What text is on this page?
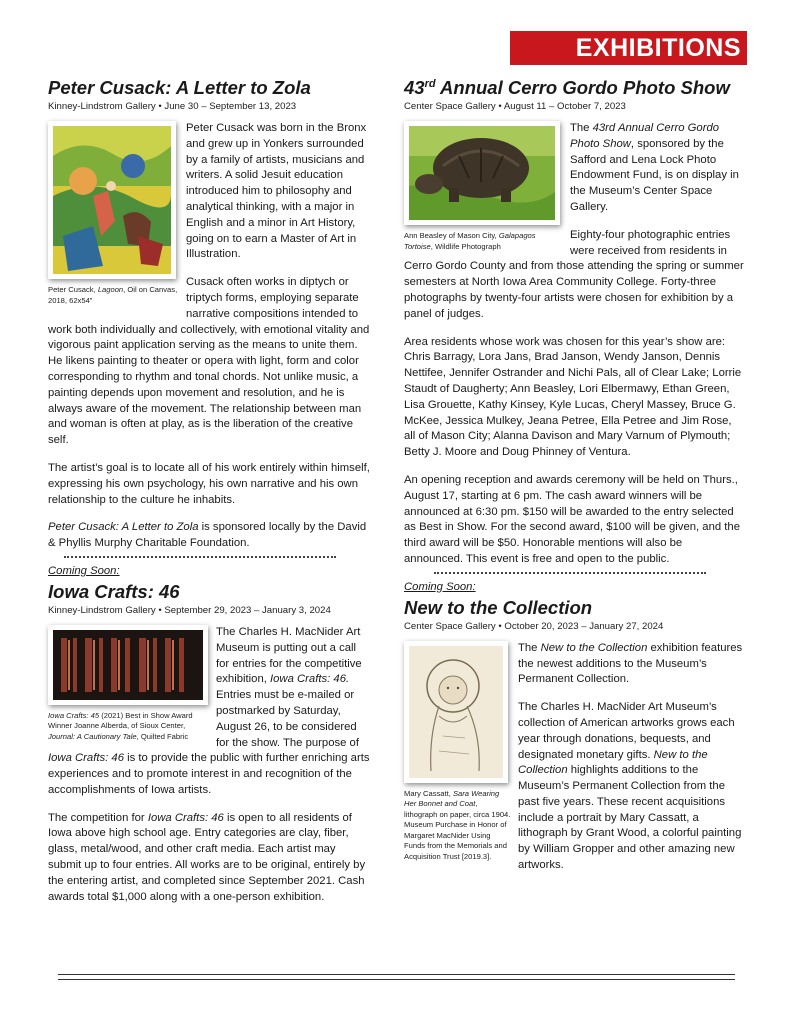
EXHIBITIONS
Peter Cusack: A Letter to Zola
Kinney-Lindstrom Gallery • June 30 – September 13, 2023
Peter Cusack, Lagoon, Oil on Canvas, 2018, 62x54”

Peter Cusack was born in the Bronx and grew up in Yonkers surrounded by a family of artists, musicians and writers. A solid Jesuit education introduced him to philosophy and analytical thinking, with a major in English and a minor in Art History, going on to earn a Master of Art in Illustration.

Cusack often works in diptych or triptych forms, employing separate narrative compositions intended to work both individually and collectively, with emotional vitality and vigorous paint application serving as the means to unite them. He likens painting to theater or opera with light, form and color corresponding to rhythm and tonal chords. Not unlike music, a painting depends upon movement and resolution, and he is always aware of the movement. The relationship between man and woman is often at play, as is the liberation of the creative self.

The artist’s goal is to locate all of his work entirely within himself, expressing his own psychology, his own narrative and his own relationship to the culture he inhabits.

Peter Cusack: A Letter to Zola is sponsored locally by the David & Phyllis Murphy Charitable Foundation.

Coming Soon:
Iowa Crafts: 46
Kinney-Lindstrom Gallery • September 29, 2023 – January 3, 2024
Iowa Crafts: 45 (2021) Best in Show Award Winner Joanne Alberda, of Sioux Center, Journal: A Cautionary Tale, Quilted Fabric

The Charles H. MacNider Art Museum is putting out a call for entries for the competitive exhibition, Iowa Crafts: 46. Entries must be e-mailed or postmarked by Saturday, August 26, to be considered for the show. The purpose of Iowa Crafts: 46 is to provide the public with further enriching arts experiences and to promote interest in and recognition of the accomplishments of Iowa artists.

The competition for Iowa Crafts: 46 is open to all residents of Iowa above high school age. Entry categories are clay, fiber, glass, metal/wood, and other craft media. Each artist may submit up to four entries. All works are to be original, entirely by the entering artist, and completed since September 2021. Cash awards total $1,000 along with a one-person exhibition.

43rd Annual Cerro Gordo Photo Show
Center Space Gallery • August 11 – October 7, 2023
Ann Beasley of Mason City, Galapagos Tortoise, Wildlife Photograph

The 43rd Annual Cerro Gordo Photo Show, sponsored by the Safford and Lena Lock Photo Endowment Fund, is on display in the Museum’s Center Space Gallery.

Eighty-four photographic entries were received from residents in Cerro Gordo County and from those attending the spring or summer semesters at North Iowa Area Community College. Forty-three photographs by twenty-four artists were chosen for exhibition by a panel of judges.

Area residents whose work was chosen for this year’s show are: Chris Barragy, Lora Jans, Brad Janson, Wendy Janson, Dennis Nettifee, Jennifer Ostrander and Nichi Pals, all of Clear Lake; Lorrie Staudt of Daugherty; Ann Beasley, Lori Elbermawy, Ethan Green, Lisa Grouette, Kathy Kinsey, Kyle Lucas, Cheryl Massey, Bruce G. McKee, Jessica Mulkey, Jeana Petree, Ella Petree and Jim Rose, all of Mason City; Alanna Davison and Mary Varnum of Plymouth; Betty J. Moore and Doug Phinney of Ventura.

An opening reception and awards ceremony will be held on Thurs., August 17, starting at 6 pm. The cash award winners will be announced at 6:30 pm. $150 will be awarded to the entry selected as Best in Show. For the second award, $100 will be given, and the third award will be $50. Honorable mentions will also be announced. This event is free and open to the public.

Coming Soon:
New to the Collection
Center Space Gallery • October 20, 2023 – January 27, 2024
Mary Cassatt, Sara Wearing Her Bonnet and Coat, lithograph on paper, circa 1904. Museum Purchase in Honor of Margaret MacNider Using Funds from the Memorials and Acquisition Trust [2019.3].

The New to the Collection exhibition features the newest additions to the Museum’s Permanent Collection.

The Charles H. MacNider Art Museum’s collection of American artworks grows each year through donations, bequests, and designated monetary gifts. New to the Collection highlights additions to the Museum’s Permanent Collection from the past five years. These recent acquisitions include a portrait by Mary Cassatt, a lithograph by Grant Wood, a colorful painting by William Gropper and other amazing new artworks.
